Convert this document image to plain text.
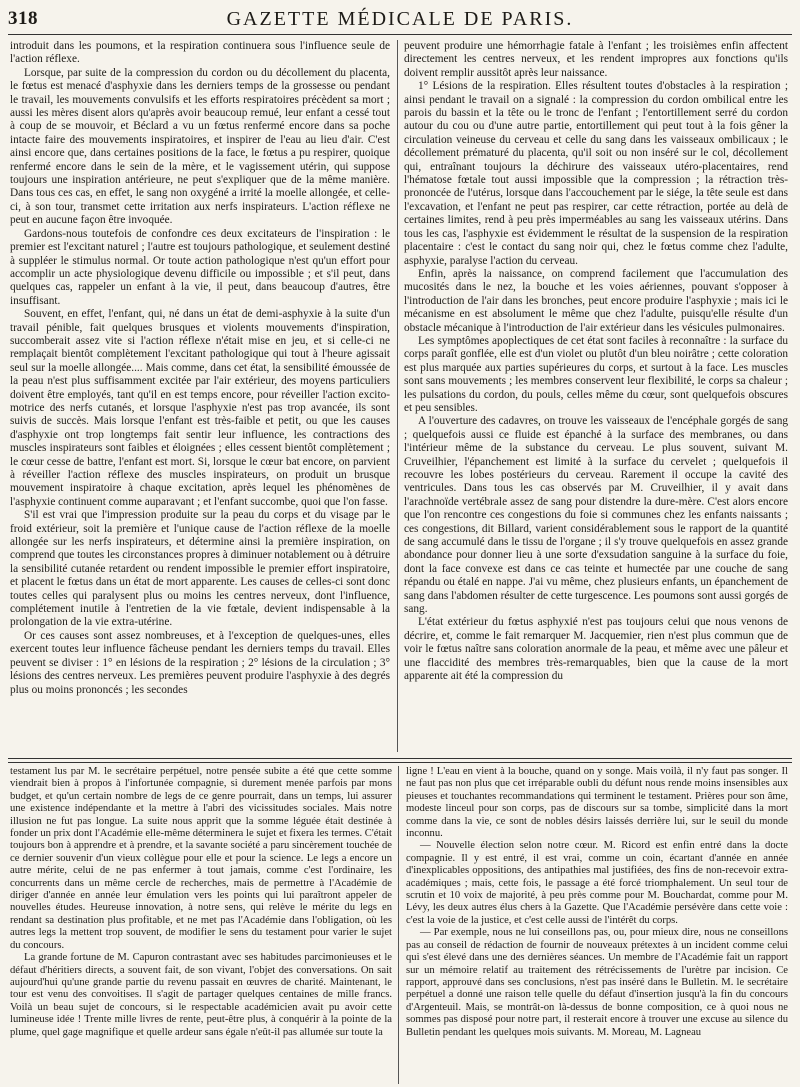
318	GAZETTE MÉDICALE DE PARIS.

introduit dans les poumons, et la respiration continuera sous l'influence seule de l'action réflexe.

Lorsque, par suite de la compression du cordon ou du décollement du placenta, le fœtus est menacé d'asphyxie dans les derniers temps de la grossesse ou pendant le travail, les mouvements convulsifs et les efforts respiratoires précèdent sa mort ; aussi les mères disent alors qu'après avoir beaucoup remué, leur enfant a cessé tout à coup de se mouvoir, et Béclard a vu un fœtus renfermé encore dans sa poche intacte faire des mouvements inspiratoires, et inspirer de l'eau au lieu d'air. C'est ainsi encore que, dans certaines positions de la face, le fœtus a pu respirer, quoique renfermé encore dans le sein de la mère, et le vagissement utérin, qui suppose toujours une inspiration antérieure, ne peut s'expliquer que de la même manière. Dans tous ces cas, en effet, le sang non oxygéné a irrité la moelle allongée, et celle-ci, à son tour, transmet cette irritation aux nerfs inspirateurs. L'action réflexe ne peut en aucune façon être invoquée.

Gardons-nous toutefois de confondre ces deux excitateurs de l'inspiration : le premier est l'excitant naturel ; l'autre est toujours pathologique, et seulement destiné à suppléer le stimulus normal. Or toute action pathologique n'est qu'un effort pour accomplir un acte physiologique devenu difficile ou impossible ; et s'il peut, dans quelques cas, rappeler un enfant à la vie, il peut, dans beaucoup d'autres, être insuffisant.

Souvent, en effet, l'enfant, qui, né dans un état de demi-asphyxie à la suite d'un travail pénible, fait quelques brusques et violents mouvements d'inspiration, succomberait assez vite si l'action réflexe n'était mise en jeu, et si celle-ci ne remplaçait bientôt complètement l'excitant pathologique qui tout à l'heure agissait seul sur la moelle allongée.... Mais comme, dans cet état, la sensibilité émoussée de la peau n'est plus suffisamment excitée par l'air extérieur, des moyens particuliers doivent être employés, tant qu'il en est temps encore, pour réveiller l'action excito-motrice des nerfs cutanés, et lorsque l'asphyxie n'est pas trop avancée, ils sont suivis de succès. Mais lorsque l'enfant est très-faible et petit, ou que les causes d'asphyxie ont trop longtemps fait sentir leur influence, les contractions des muscles inspirateurs sont faibles et éloignées ; elles cessent bientôt complètement ; le cœur cesse de battre, l'enfant est mort. Si, lorsque le cœur bat encore, on parvient à réveiller l'action réflexe des muscles inspirateurs, on produit un brusque mouvement inspiratoire à chaque excitation, après lequel les phénomènes de l'asphyxie continuent comme auparavant ; et l'enfant succombe, quoi que l'on fasse.

S'il est vrai que l'impression produite sur la peau du corps et du visage par le froid extérieur, soit la première et l'unique cause de l'action réflexe de la moelle allongée sur les nerfs inspirateurs, et détermine ainsi la première inspiration, on comprend que toutes les circonstances propres à diminuer notablement ou à détruire la sensibilité cutanée retardent ou rendent impossible le premier effort inspiratoire, et placent le fœtus dans un état de mort apparente. Les causes de celles-ci sont donc toutes celles qui paralysent plus ou moins les centres nerveux, dont l'influence, complétement inutile à l'entretien de la vie fœtale, devient indispensable à la prolongation de la vie extra-utérine.

Or ces causes sont assez nombreuses, et à l'exception de quelques-unes, elles exercent toutes leur influence fâcheuse pendant les derniers temps du travail. Elles peuvent se diviser : 1° en lésions de la respiration ; 2° lésions de la circulation ; 3° lésions des centres nerveux. Les premières peuvent produire l'asphyxie à des degrés plus ou moins prononcés ; les secondes

peuvent produire une hémorrhagie fatale à l'enfant ; les troisièmes enfin affectent directement les centres nerveux, et les rendent impropres aux fonctions qu'ils doivent remplir aussitôt après leur naissance.

1° Lésions de la respiration. Elles résultent toutes d'obstacles à la respiration ; ainsi pendant le travail on a signalé : la compression du cordon ombilical entre les parois du bassin et la tête ou le tronc de l'enfant ; l'entortillement serré du cordon autour du cou ou d'une autre partie, entortillement qui peut tout à la fois gêner la circulation veineuse du cerveau et celle du sang dans les vaisseaux ombilicaux ; le décollement prématuré du placenta, qu'il soit ou non inséré sur le col, décollement qui, entraînant toujours la déchirure des vaisseaux utéro-placentaires, rend l'hématose fœtale tout aussi impossible que la compression ; la rétraction très-prononcée de l'utérus, lorsque dans l'accouchement par le siége, la tête seule est dans l'excavation, et l'enfant ne peut pas respirer, car cette rétraction, portée au delà de certaines limites, rend à peu près imperméables au sang les vaisseaux utérins. Dans tous les cas, l'asphyxie est évidemment le résultat de la suspension de la respiration placentaire : c'est le contact du sang noir qui, chez le fœtus comme chez l'adulte, asphyxie, paralyse l'action du cerveau.

Enfin, après la naissance, on comprend facilement que l'accumulation des mucosités dans le nez, la bouche et les voies aériennes, pouvant s'opposer à l'introduction de l'air dans les bronches, peut encore produire l'asphyxie ; mais ici le mécanisme en est absolument le même que chez l'adulte, puisqu'elle résulte d'un obstacle mécanique à l'introduction de l'air extérieur dans les vésicules pulmonaires.

Les symptômes apoplectiques de cet état sont faciles à reconnaître : la surface du corps paraît gonflée, elle est d'un violet ou plutôt d'un bleu noirâtre ; cette coloration est plus marquée aux parties supérieures du corps, et surtout à la face. Les muscles sont sans mouvements ; les membres conservent leur flexibilité, le corps sa chaleur ; les pulsations du cordon, du pouls, celles même du cœur, sont quelquefois obscures et peu sensibles.

A l'ouverture des cadavres, on trouve les vaisseaux de l'encéphale gorgés de sang ; quelquefois aussi ce fluide est épanché à la surface des membranes, ou dans l'intérieur même de la substance du cerveau. Le plus souvent, suivant M. Cruveilhier, l'épanchement est limité à la surface du cervelet ; quelquefois il recouvre les lobes postérieurs du cerveau. Rarement il occupe la cavité des ventricules. Dans tous les cas observés par M. Cruveilhier, il y avait dans l'arachnoïde vertébrale assez de sang pour distendre la dure-mère. C'est alors encore que l'on rencontre ces congestions du foie si communes chez les enfants naissants ; ces congestions, dit Billard, varient considérablement sous le rapport de la quantité de sang accumulé dans le tissu de l'organe ; il s'y trouve quelquefois en assez grande abondance pour donner lieu à une sorte d'exsudation sanguine à la surface du foie, dont la face convexe est dans ce cas teinte et humectée par une couche de sang répandu ou étalé en nappe. J'ai vu même, chez plusieurs enfants, un épanchement de sang dans l'abdomen résulter de cette turgescence. Les poumons sont aussi gorgés de sang.

L'état extérieur du fœtus asphyxié n'est pas toujours celui que nous venons de décrire, et, comme le fait remarquer M. Jacquemier, rien n'est plus commun que de voir le fœtus naître sans coloration anormale de la peau, et même avec une pâleur et une flaccidité des membres très-remarquables, bien que la cause de la mort apparente ait été la compression du

testament lus par M. le secrétaire perpétuel, notre pensée subite a été que cette somme viendrait bien à propos à l'infortunée compagnie, si durement menée parfois par mons budget, et qu'un certain nombre de legs de ce genre pourrait, dans un temps, lui assurer une existence indépendante et la mettre à l'abri des vicissitudes sociales. Mais notre illusion ne fut pas longue. La suite nous apprit que la somme léguée était destinée à fonder un prix dont l'Académie elle-même déterminera le sujet et fixera les termes. C'était toujours bon à apprendre et à prendre, et la savante société a paru sincèrement touchée de ce dernier souvenir d'un vieux collègue pour elle et pour la science. Le legs a encore un autre mérite, celui de ne pas enfermer à tout jamais, comme c'est l'ordinaire, les concurrents dans un même cercle de recherches, mais de permettre à l'Académie de diriger d'année en année leur émulation vers les points qui lui paraîtront appeler de nouvelles études. Heureuse innovation, à notre sens, qui relève le mérite du legs en rendant sa destination plus profitable, et ne met pas l'Académie dans l'obligation, où les autres legs la mettent trop souvent, de modifier le sens du testament pour varier le sujet du concours.

La grande fortune de M. Capuron contrastant avec ses habitudes parcimonieuses et le défaut d'héritiers directs, a souvent fait, de son vivant, l'objet des conversations. On sait aujourd'hui qu'une grande partie du revenu passait en œuvres de charité. Maintenant, le tour est venu des convoitises. Il s'agit de partager quelques centaines de mille francs. Voilà un beau sujet de concours, si le respectable académicien avait pu avoir cette lumineuse idée ! Trente mille livres de rente, peut-être plus, à conquérir à la pointe de la plume, quel gage magnifique et quelle ardeur sans égale n'eût-il pas allumée sur toute la

ligne ! L'eau en vient à la bouche, quand on y songe. Mais voilà, il n'y faut pas songer. Il ne faut pas non plus que cet irréparable oubli du défunt nous rende moins insensibles aux pieuses et touchantes recommandations qui terminent le testament. Prières pour son âme, modeste linceul pour son corps, pas de discours sur sa tombe, simplicité dans la mort comme dans la vie, ce sont de nobles désirs laissés derrière lui, sur le seuil du monde inconnu.

— Nouvelle élection selon notre cœur. M. Ricord est enfin entré dans la docte compagnie. Il y est entré, il est vrai, comme un coin, écartant d'année en année d'inexplicables oppositions, des antipathies mal justifiées, des fins de non-recevoir extra-académiques ; mais, cette fois, le passage a été forcé triomphalement. Un seul tour de scrutin et 10 voix de majorité, à peu près comme pour M. Bouchardat, comme pour M. Lévy, les deux autres élus chers à la Gazette. Que l'Académie persévère dans cette voie : c'est la voie de la justice, et c'est celle aussi de l'intérêt du corps.

— Par exemple, nous ne lui conseillons pas, ou, pour mieux dire, nous ne conseillons pas au conseil de rédaction de fournir de nouveaux prétextes à un incident comme celui qui s'est élevé dans une des dernières séances. Un membre de l'Académie fait un rapport sur un mémoire relatif au traitement des rétrécissements de l'urètre par incision. Ce rapport, approuvé dans ses conclusions, n'est pas inséré dans le Bulletin. M. le secrétaire perpétuel a donné une raison telle quelle du défaut d'insertion jusqu'à la fin du concours d'Argenteuil. Mais, se montrât-on là-dessus de bonne composition, ce à quoi nous ne sommes pas disposé pour notre part, il resterait encore à trouver une excuse au silence du Bulletin pendant les quelques mois suivants. M. Moreau, M. Lagneau
